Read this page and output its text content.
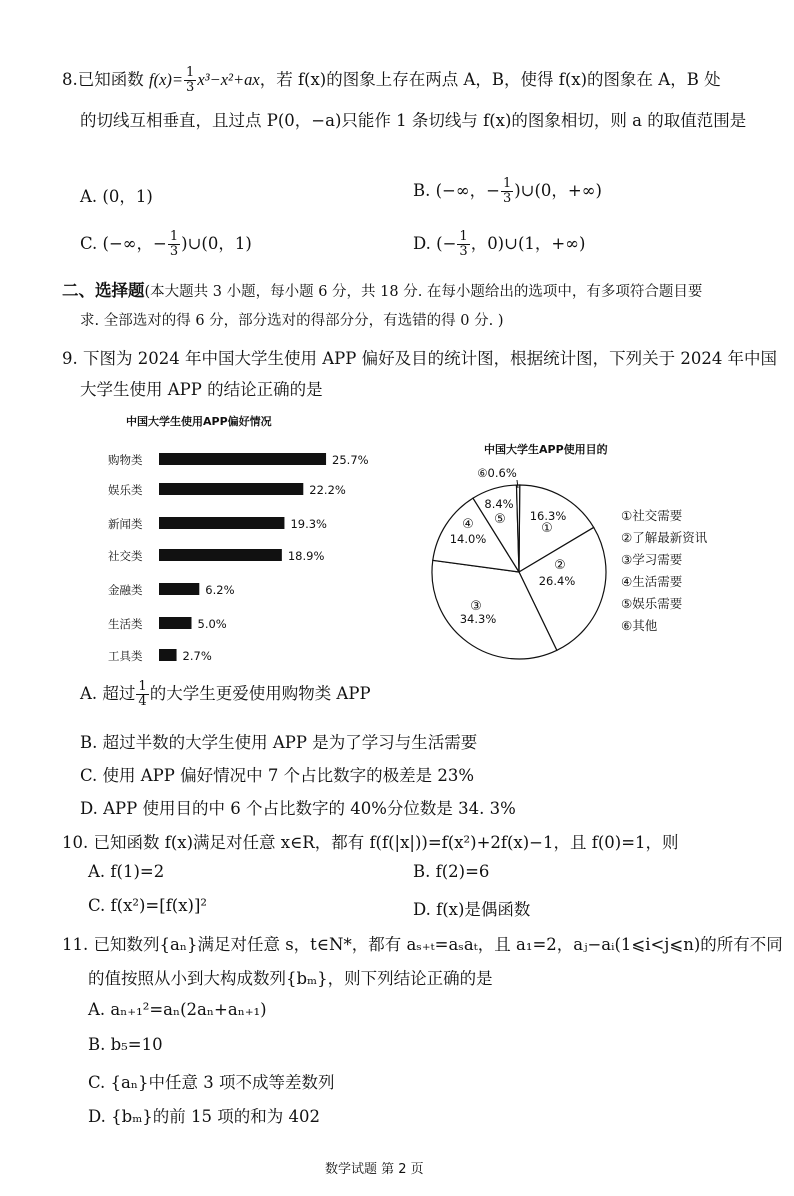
8.已知函数 $f(x)= \frac{1}{3} x^3-x^2+ax$，若 f(x)的图象上存在两点 A，B，使得 f(x)的图象在 A，B 处
的切线互相垂直，且过点 P(0，−a)只能作 1 条切线与 f(x)的图象相切，则 a 的取值范围是
A. (0，1)	B. (−∞，− $\frac{1}{3}$ )∪(0，+∞)
C. (−∞，− $\frac{1}{3}$ )∪(0，1)	D. (− $\frac{1}{3}$ ，0)∪(1，+∞)
二、选择题(本大题共 3 小题，每小题 6 分，共 18 分. 在每小题给出的选项中，有多项符合题目要
求. 全部选对的得 6 分，部分选对的得部分分，有选错的得 0 分. )
9. 下图为 2024 年中国大学生使用 APP 偏好及目的统计图，根据统计图，下列关于 2024 年中国
大学生使用 APP 的结论正确的是
中国大学生使用APP偏好情况
购物类	25.7%
娱乐类	22.2%
新闻类	19.3%
社交类	18.9%
金融类	6.2%
生活类	5.0%
工具类	2.7%
中国大学生APP使用目的
①
16.3%
②
26.4%
③
34.3%
④
14.0%
8.4%
⑤
⑥0.6%
①社交需要
②了解最新资讯
③学习需要
④生活需要
⑤娱乐需要
⑥其他
A. 超过 $\frac{1}{4}$ 的大学生更爱使用购物类 APP
B. 超过半数的大学生使用 APP 是为了学习与生活需要
C. 使用 APP 偏好情况中 7 个占比数字的极差是 23%
D. APP 使用目的中 6 个占比数字的 40%分位数是 34. 3%
10. 已知函数 f(x)满足对任意 x∈R，都有 f(f(|x|))=f(x²)+2f(x)−1，且 f(0)=1，则
A. f(1)=2	B. f(2)=6
C. f(x²)=[f(x)]²	D. f(x)是偶函数
11. 已知数列{aₙ}满足对任意 s，t∈N*，都有 aₛ₊ₜ=aₛaₜ，且 a₁=2，aⱼ−aᵢ(1⩽i<j⩽n)的所有不同
的值按照从小到大构成数列{bₘ}，则下列结论正确的是
A. aₙ₊₁²=aₙ(2aₙ+aₙ₊₁)
B. b₅=10
C. {aₙ}中任意 3 项不成等差数列
D. {bₘ}的前 15 项的和为 402
数学试题 第 2 页
